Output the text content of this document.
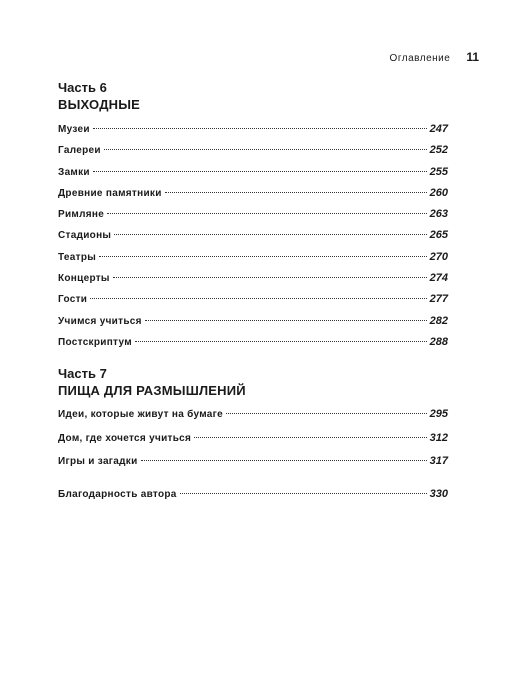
Оглавление 11
Часть 6
ВЫХОДНЫЕ
Музеи	247
Галереи	252
Замки	255
Древние памятники	260
Римляне	263
Стадионы	265
Театры	270
Концерты	274
Гости	277
Учимся учиться	282
Постскриптум	288
Часть 7
ПИЩА ДЛЯ РАЗМЫШЛЕНИЙ
Идеи, которые живут на бумаге	295
Дом, где хочется учиться	312
Игры и загадки	317
Благодарность автора	330
